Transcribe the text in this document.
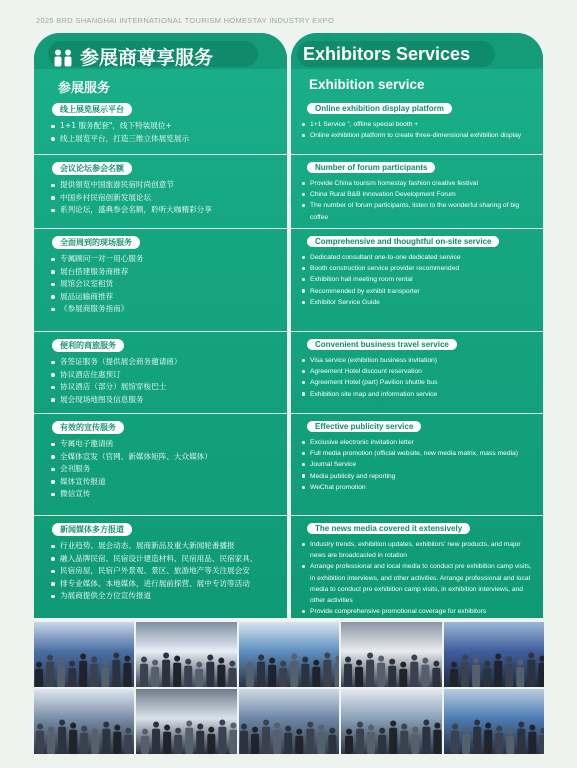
2025 BRD SHANGHAI INTERNATIONAL TOURISM HOMESTAY INDUSTRY EXPO
参展商尊享服务
参展服务
线上展览展示平台
1+1 服务配套"，线下特装展位+
线上展览平台，打造三维立体展览展示
会议论坛参会名额
提供領览中国旅游民宿时尚创意节
中国乡村民宿创新发展论坛
系列论坛，盛典参会名额，聆听大咖精彩分享
全面周到的现场服务
专属顾问一对一用心服务
展台搭建服务商推荐
展馆会议室租赁
展品运输商推荐
《参展商服务指南》
便利的商旅服务
各签证服务（提供展会商务邀请函）
协议酒店住惠预订
协议酒店（部分）展馆穿梭巴士
展会现场地图及信息服务
有效的宣传服务
专属电子邀请函
全媒体宣发（官网、新媒体矩阵、大众媒体）
会刊服务
媒体宣传报道
微信宣传
新闻媒体多方报道
行业趋势、展会动态、展商新品及重大新闻轮番播报
融入品牌民宿、民宿设计建造材料、民宿用品、民宿家具、
民宿房屋，民宿户外景观、景区、旅游地产等关注展会安
排专业媒体、本地媒体，进行展前探营、展中专访等活动
为展商提供全方位宣传报道
Exhibitors Services
Exhibition service
Online exhibition display platform
1+1 Service ", offline special booth +
Online exhibition platform to create three-dimensional exhibition display
Number of forum participants
Provide China tourism homestay fashion creative festival
China Rural B&B Innovation Development Forum
The number of forum participants, listen to the wonderful sharing of big coffee
Comprehensive and thoughtful on-site service
Dedicated consultant one-to-one dedicated service
Booth construction service provider recommended
Exhibition hall meeting room rental
Recommended by exhibit transporter
Exhibitor Service Guide
Convenient business travel service
Visa service (exhibition business invitation)
Agreement Hotel discount reservation
Agreement Hotel (part) Pavilion shuttle bus
Exhibition site map and information service
Effective publicity service
Exclusive electronic invitation letter
Full media promotion (official website, new media matrix, mass media)
Journal Service
Media publicity and reporting
WeChat promotion
The news media covered it extensively
Industry trends, exhibition updates, exhibitors' new products, and major news are broadcasted in rotation
Arrange professional and local media to conduct pre exhibition camp visits, in exhibition interviews, and other activities. Arrange professional and local media to conduct pre exhibition camp visits, in exhibition interviews, and other activities
Provide comprehensive promotional coverage for exhibitors
